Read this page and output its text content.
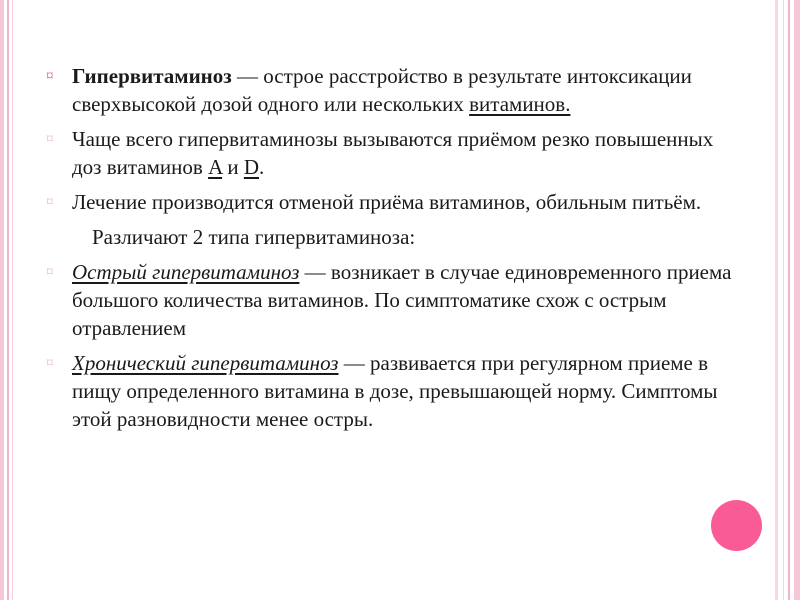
¤ Гипервитаминоз — острое расстройство в результате интоксикации сверхвысокой дозой одного или нескольких витаминов.
¤ Чаще всего гипервитаминозы вызываются приёмом резко повышенных доз витаминов A и D.
¤ Лечение производится отменой приёма витаминов, обильным питьём.
Различают 2 типа гипервитаминоза:
¤ Острый гипервитаминоз — возникает в случае единовременного приема большого количества витаминов. По симптоматике схож с острым отравлением
¤ Хронический гипервитаминоз — развивается при регулярном приеме в пищу определенного витамина в дозе, превышающей норму. Симптомы этой разновидности менее остры.
